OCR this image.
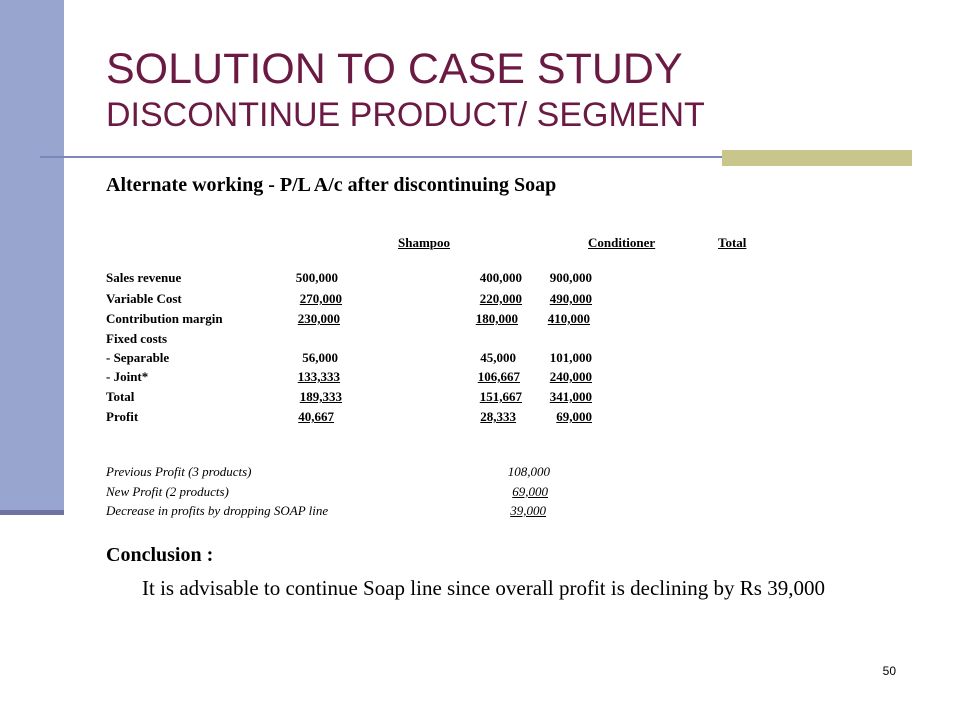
SOLUTION TO CASE STUDY
DISCONTINUE PRODUCT/ SEGMENT
Alternate working - P/L A/c after discontinuing Soap
Shampoo	Conditioner	Total
Sales revenue	500,000	400,000 900,000
Variable Cost	270,000	220,000 490,000
Contribution margin	230,000	180,000 410,000
Fixed costs
- Separable	56,000	45,000	101,000
- Joint*	133,333	106,667 240,000
Total	189,333	151,667 341,000
Profit	40,667	28,333	69,000
Previous Profit (3 products)	108,000
New Profit (2 products)	69,000
Decrease in profits by dropping SOAP line	39,000
Conclusion :
It is advisable to continue Soap line since overall profit is declining by Rs 39,000
50
